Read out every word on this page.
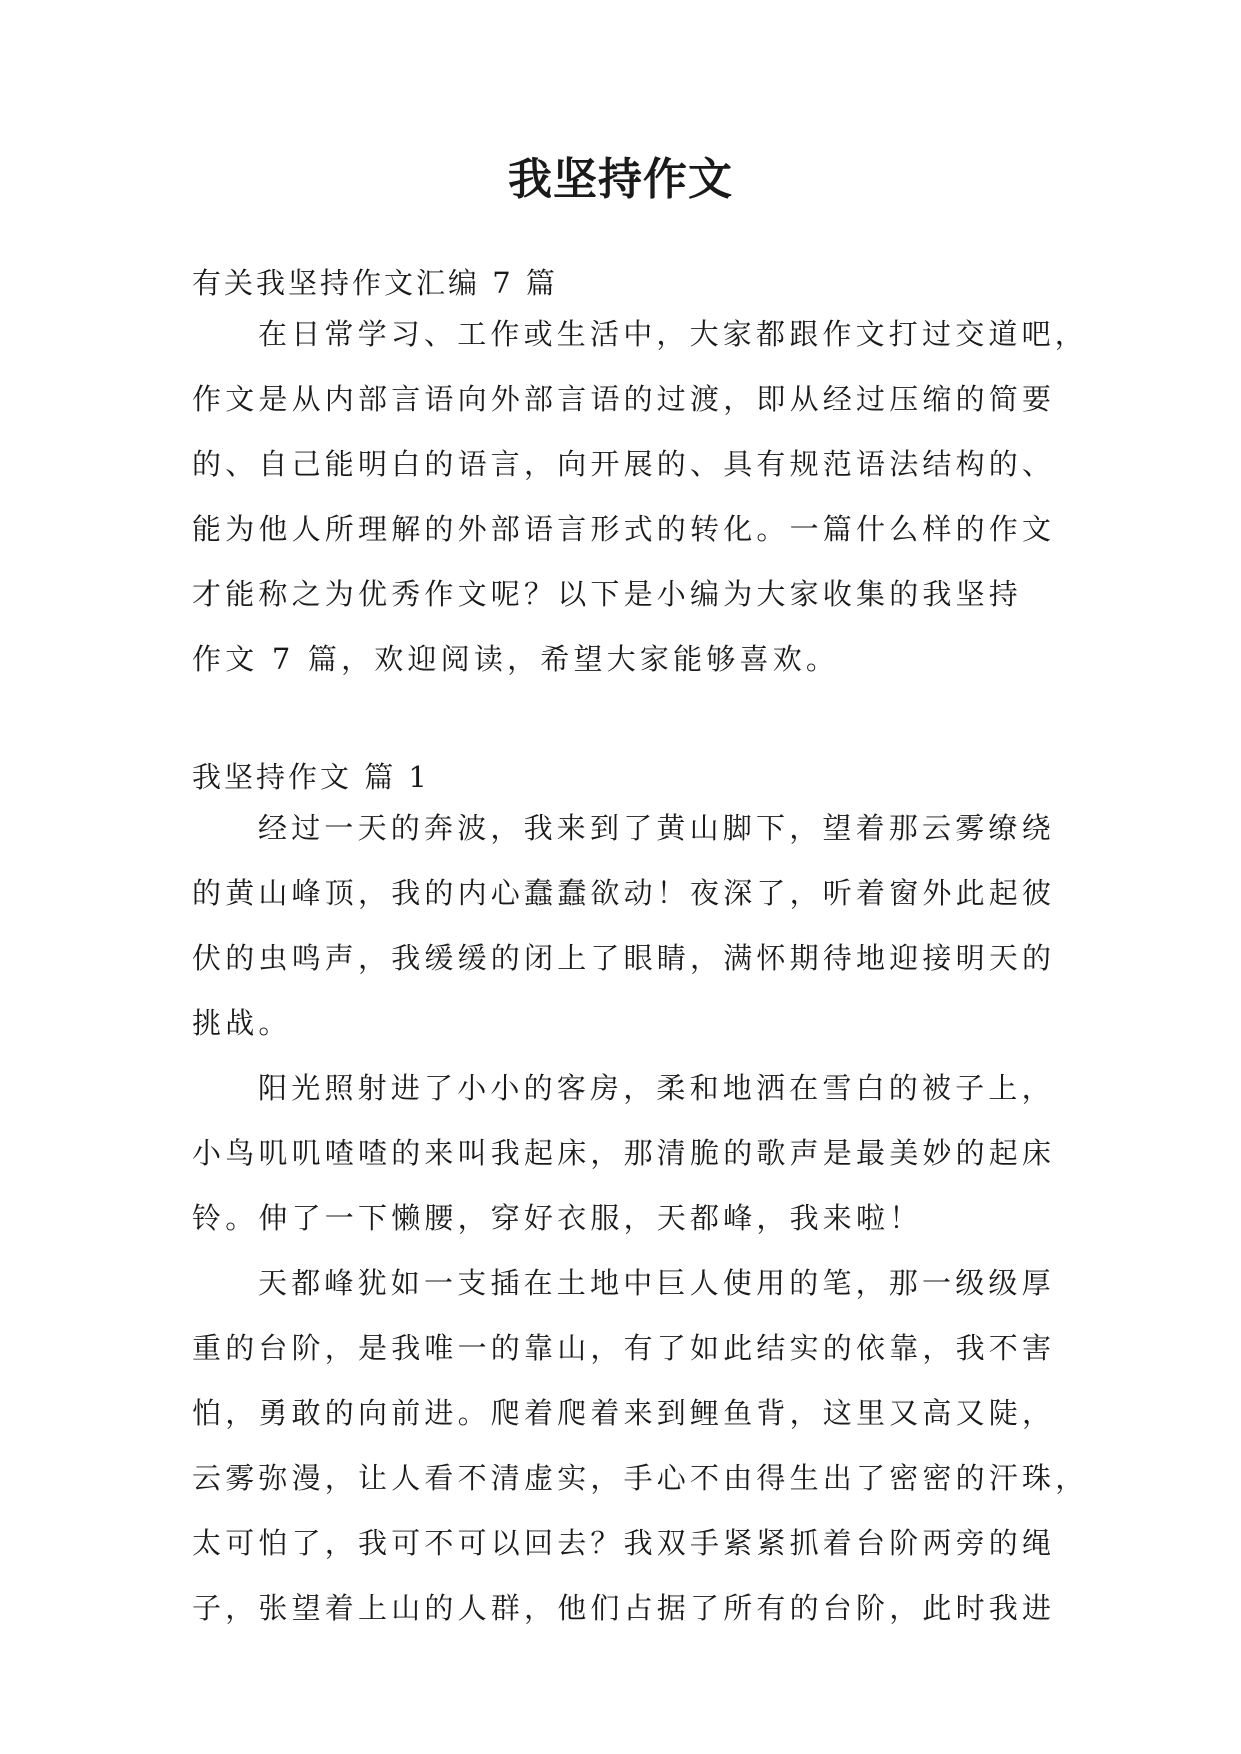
我坚持作文
有关我坚持作文汇编 7 篇
在日常学习、工作或生活中，大家都跟作文打过交道吧，
作文是从内部言语向外部言语的过渡，即从经过压缩的简要
的、自己能明白的语言，向开展的、具有规范语法结构的、
能为他人所理解的外部语言形式的转化。一篇什么样的作文
才能称之为优秀作文呢？以下是小编为大家收集的我坚持
作文 7 篇，欢迎阅读，希望大家能够喜欢。
我坚持作文 篇 1
经过一天的奔波，我来到了黄山脚下，望着那云雾缭绕
的黄山峰顶，我的内心蠢蠢欲动！夜深了，听着窗外此起彼
伏的虫鸣声，我缓缓的闭上了眼睛，满怀期待地迎接明天的
挑战。
阳光照射进了小小的客房，柔和地洒在雪白的被子上，
小鸟叽叽喳喳的来叫我起床，那清脆的歌声是最美妙的起床
铃。伸了一下懒腰，穿好衣服，天都峰，我来啦！
天都峰犹如一支插在土地中巨人使用的笔，那一级级厚
重的台阶，是我唯一的靠山，有了如此结实的依靠，我不害
怕，勇敢的向前进。爬着爬着来到鲤鱼背，这里又高又陡，
云雾弥漫，让人看不清虚实，手心不由得生出了密密的汗珠，
太可怕了，我可不可以回去？我双手紧紧抓着台阶两旁的绳
子，张望着上山的人群，他们占据了所有的台阶，此时我进
